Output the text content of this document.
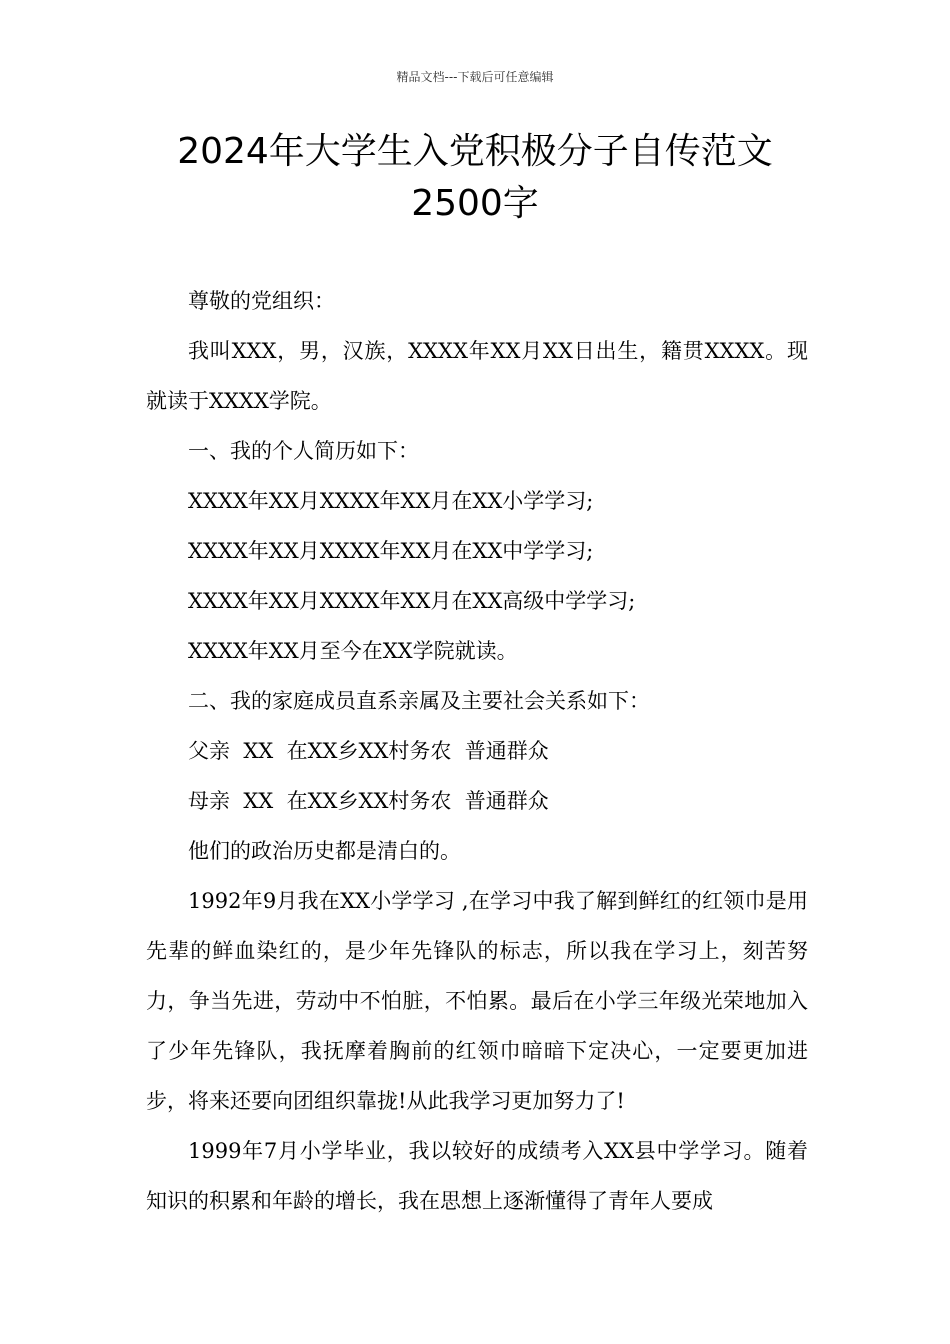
精品文档---下载后可任意编辑
2024年大学生入党积极分子自传范文
2500字

尊敬的党组织：

我叫XXX，男，汉族，XXXX年XX月XX日出生，籍贯XXXX。现就读于XXXX学院。

一、我的个人简历如下：

XXXX年XX月XXXX年XX月在XX小学学习;

XXXX年XX月XXXX年XX月在XX中学学习;

XXXX年XX月XXXX年XX月在XX高级中学学习;

XXXX年XX月至今在XX学院就读。

二、我的家庭成员直系亲属及主要社会关系如下：

父亲  XX  在XX乡XX村务农  普通群众

母亲  XX  在XX乡XX村务农  普通群众

他们的政治历史都是清白的。

1992年9月我在XX小学学习 ,在学习中我了解到鲜红的红领巾是用先辈的鲜血染红的，是少年先锋队的标志，所以我在学习上，刻苦努力，争当先进，劳动中不怕脏，不怕累。最后在小学三年级光荣地加入了少年先锋队，我抚摩着胸前的红领巾暗暗下定决心，一定要更加进步，将来还要向团组织靠拢!从此我学习更加努力了!

1999年7月小学毕业，我以较好的成绩考入XX县中学学习。随着知识的积累和年龄的增长，我在思想上逐渐懂得了青年人要成
